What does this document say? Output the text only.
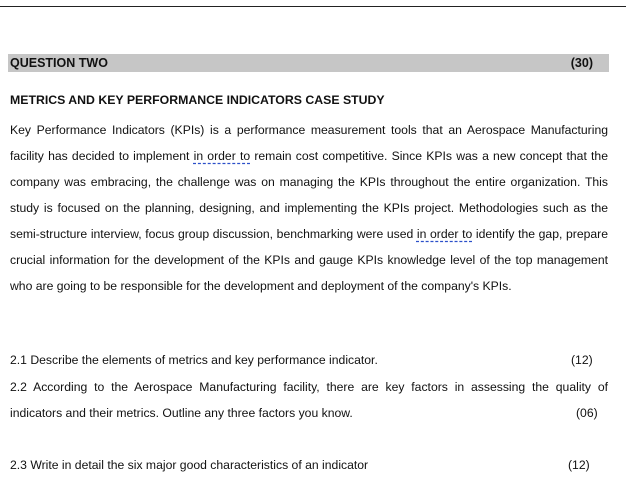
QUESTION TWO	(30)
METRICS AND KEY PERFORMANCE INDICATORS CASE STUDY
Key Performance Indicators (KPIs) is a performance measurement tools that an Aerospace Manufacturing facility has decided to implement in order to remain cost competitive. Since KPIs was a new concept that the company was embracing, the challenge was on managing the KPIs throughout the entire organization. This study is focused on the planning, designing, and implementing the KPIs project. Methodologies such as the semi-structure interview, focus group discussion, benchmarking were used in order to identify the gap, prepare crucial information for the development of the KPIs and gauge KPIs knowledge level of the top management who are going to be responsible for the development and deployment of the company's KPIs.
2.1 Describe the elements of metrics and key performance indicator.	(12)
2.2 According to the Aerospace Manufacturing facility, there are key factors in assessing the quality of
indicators and their metrics. Outline any three factors you know.	(06)
2.3 Write in detail the six major good characteristics of an indicator	(12)
